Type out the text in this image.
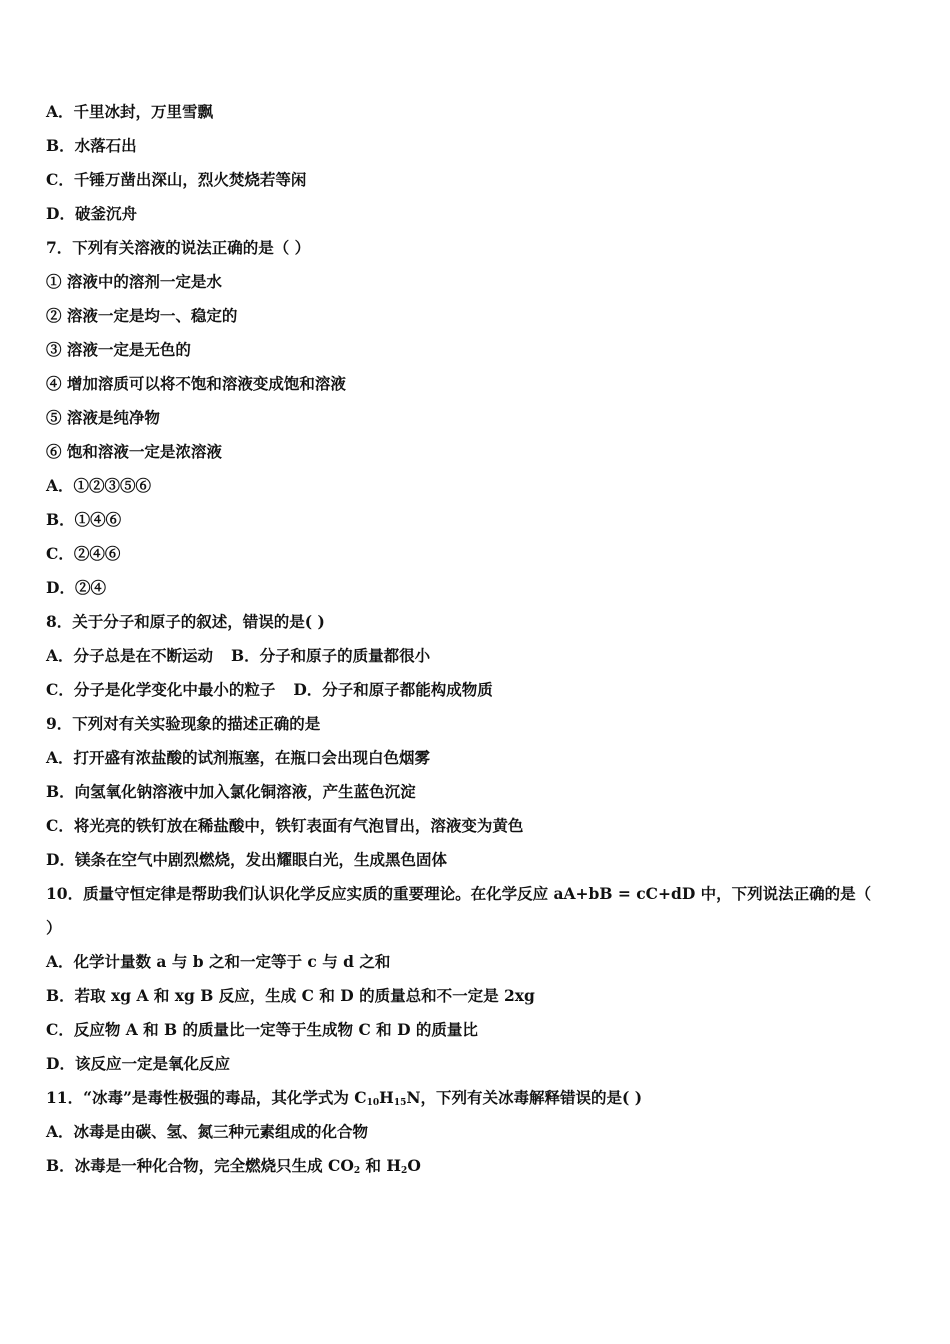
A．千里冰封，万里雪飘
B．水落石出
C．千锤万凿出深山，烈火焚烧若等闲
D．破釜沉舟
7．下列有关溶液的说法正确的是（ ）
① 溶液中的溶剂一定是水
② 溶液一定是均一、稳定的
③ 溶液一定是无色的
④ 增加溶质可以将不饱和溶液变成饱和溶液
⑤ 溶液是纯净物
⑥ 饱和溶液一定是浓溶液
A．①②③⑤⑥
B．①④⑥
C．②④⑥
D．②④
8．关于分子和原子的叙述，错误的是( )
A．分子总是在不断运动 B．分子和原子的质量都很小
C．分子是化学变化中最小的粒子 D．分子和原子都能构成物质
9．下列对有关实验现象的描述正确的是
A．打开盛有浓盐酸的试剂瓶塞，在瓶口会出现白色烟雾
B．向氢氧化钠溶液中加入氯化铜溶液，产生蓝色沉淀
C．将光亮的铁钉放在稀盐酸中，铁钉表面有气泡冒出，溶液变为黄色
D．镁条在空气中剧烈燃烧，发出耀眼白光，生成黑色固体
10．质量守恒定律是帮助我们认识化学反应实质的重要理论。在化学反应 aA+bB = cC+dD 中，下列说法正确的是（
）
A．化学计量数 a 与 b 之和一定等于 c 与 d 之和
B．若取 xg A 和 xg B 反应，生成 C 和 D 的质量总和不一定是 2xg
C．反应物 A 和 B 的质量比一定等于生成物 C 和 D 的质量比
D．该反应一定是氧化反应
11．“冰毒”是毒性极强的毒品，其化学式为 $C_{10}H_{15}N$，下列有关冰毒解释错误的是( )
A．冰毒是由碳、氢、氮三种元素组成的化合物
B．冰毒是一种化合物，完全燃烧只生成 $CO_2$ 和 $H_2O$
